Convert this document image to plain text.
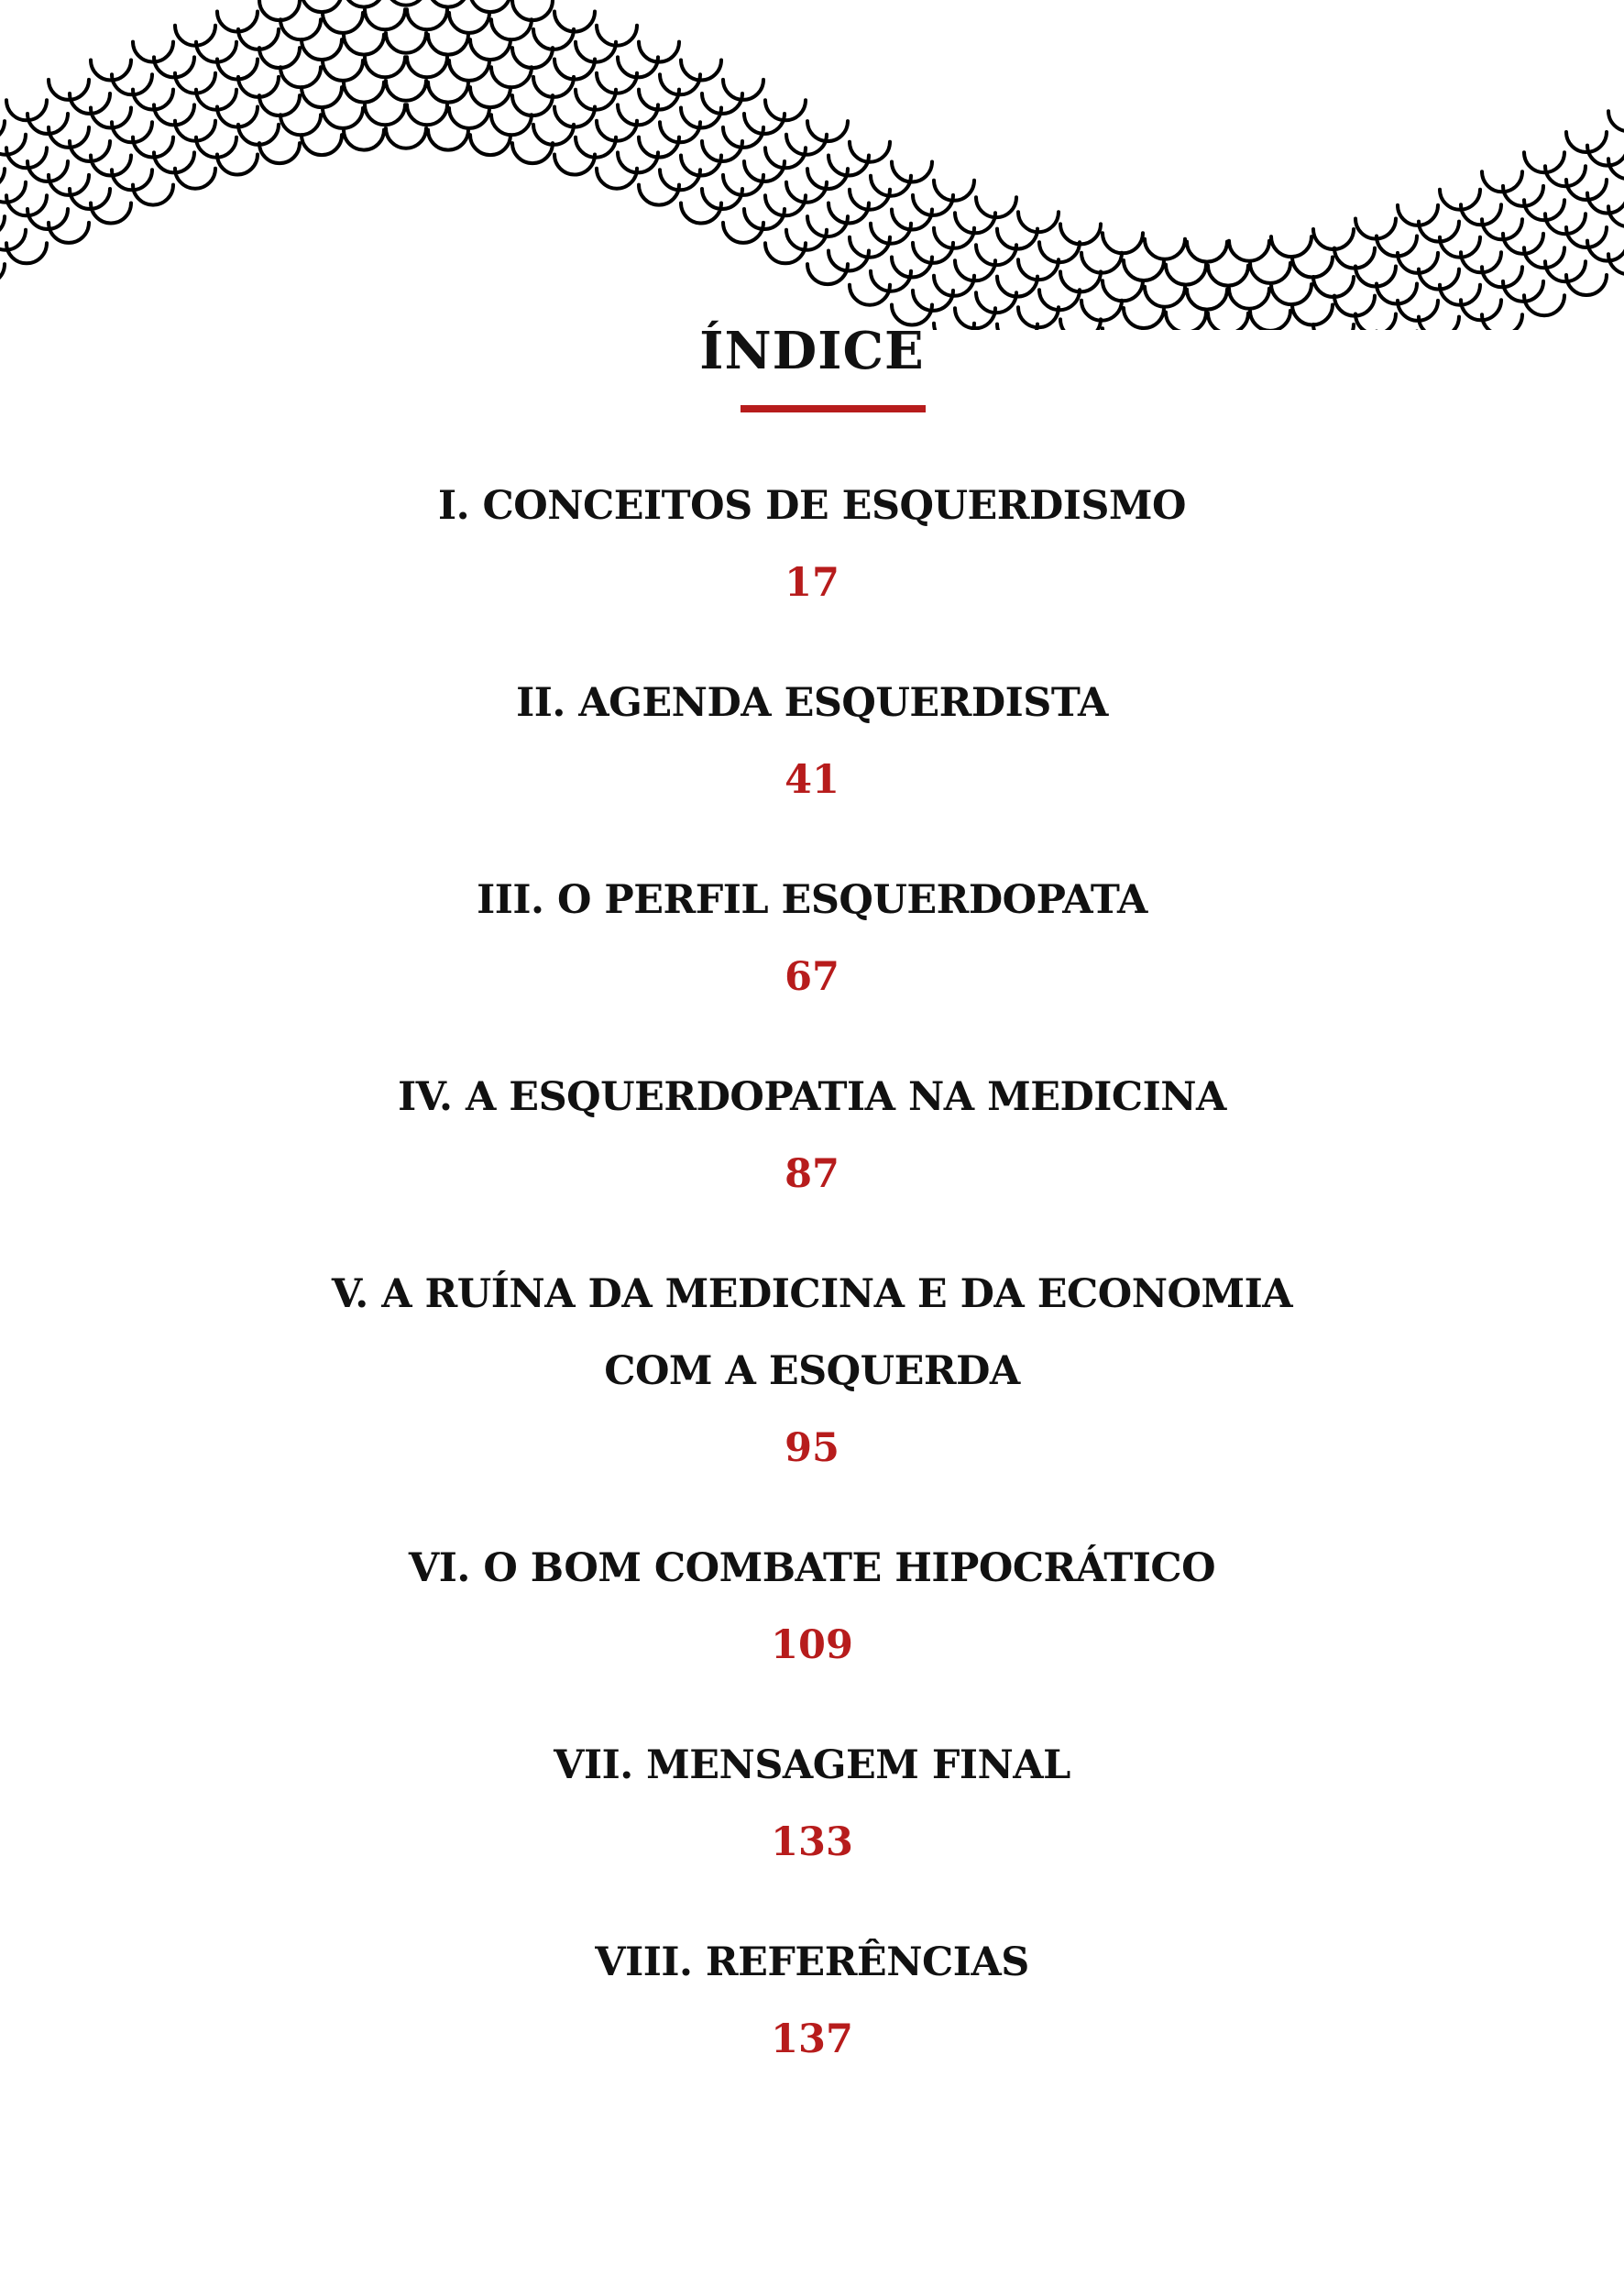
ÍNDICE
I. CONCEITOS DE ESQUERDISMO
17
II. AGENDA ESQUERDISTA
41
III. O PERFIL ESQUERDOPATA
67
IV. A ESQUERDOPATIA NA MEDICINA
87
V. A RUÍNA DA MEDICINA E DA ECONOMIA
COM A ESQUERDA
95
VI. O BOM COMBATE HIPOCRÁTICO
109
VII. MENSAGEM FINAL
133
VIII. REFERÊNCIAS
137
